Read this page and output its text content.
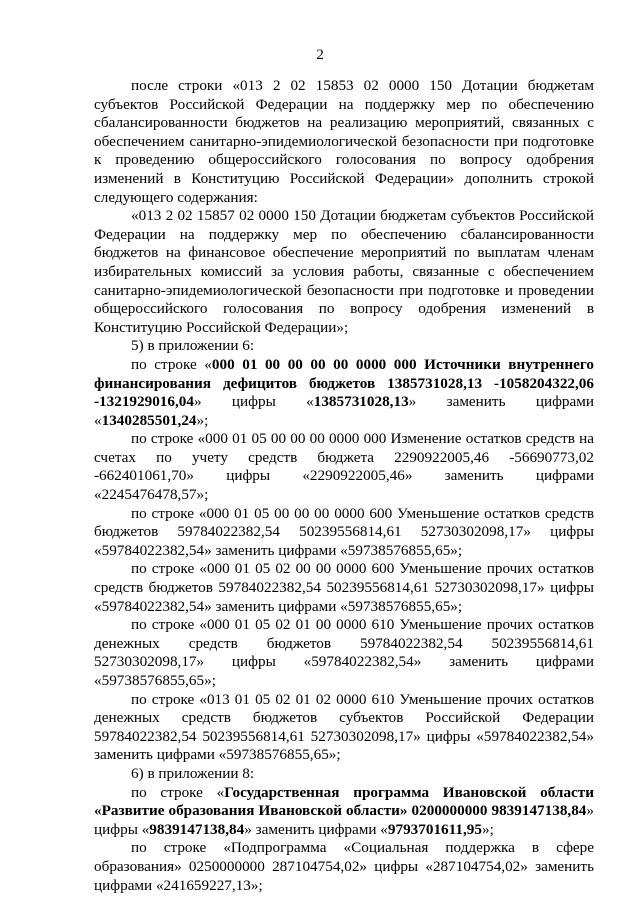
2

после строки «013 2 02 15853 02 0000 150 Дотации бюджетам субъектов Российской Федерации на поддержку мер по обеспечению сбалансированности бюджетов на реализацию мероприятий, связанных с обеспечением санитарно-эпидемиологической безопасности при подготовке к проведению общероссийского голосования по вопросу одобрения изменений в Конституцию Российской Федерации» дополнить строкой следующего содержания:

«013 2 02 15857 02 0000 150 Дотации бюджетам субъектов Российской Федерации на поддержку мер по обеспечению сбалансированности бюджетов на финансовое обеспечение мероприятий по выплатам членам избирательных комиссий за условия работы, связанные с обеспечением санитарно-эпидемиологической безопасности при подготовке и проведении общероссийского голосования по вопросу одобрения изменений в Конституцию Российской Федерации»;

5) в приложении 6:

по строке «000 01 00 00 00 00 0000 000 Источники внутреннего финансирования дефицитов бюджетов 1385731028,13 -1058204322,06 -1321929016,04» цифры «1385731028,13» заменить цифрами «1340285501,24»;

по строке «000 01 05 00 00 00 0000 000 Изменение остатков средств на счетах по учету средств бюджета 2290922005,46 -56690773,02 -662401061,70» цифры «2290922005,46» заменить цифрами «2245476478,57»;

по строке «000 01 05 00 00 00 0000 600 Уменьшение остатков средств бюджетов 59784022382,54 50239556814,61 52730302098,17» цифры «59784022382,54» заменить цифрами «59738576855,65»;

по строке «000 01 05 02 00 00 0000 600 Уменьшение прочих остатков средств бюджетов 59784022382,54 50239556814,61 52730302098,17» цифры «59784022382,54» заменить цифрами «59738576855,65»;

по строке «000 01 05 02 01 00 0000 610 Уменьшение прочих остатков денежных средств бюджетов 59784022382,54 50239556814,61 52730302098,17» цифры «59784022382,54» заменить цифрами «59738576855,65»;

по строке «013 01 05 02 01 02 0000 610 Уменьшение прочих остатков денежных средств бюджетов субъектов Российской Федерации 59784022382,54 50239556814,61 52730302098,17» цифры «59784022382,54» заменить цифрами «59738576855,65»;

6) в приложении 8:

по строке «Государственная программа Ивановской области «Развитие образования Ивановской области» 0200000000 9839147138,84» цифры «9839147138,84» заменить цифрами «9793701611,95»;

по строке «Подпрограмма «Социальная поддержка в сфере образования» 0250000000 287104754,02» цифры «287104754,02» заменить цифрами «241659227,13»;
